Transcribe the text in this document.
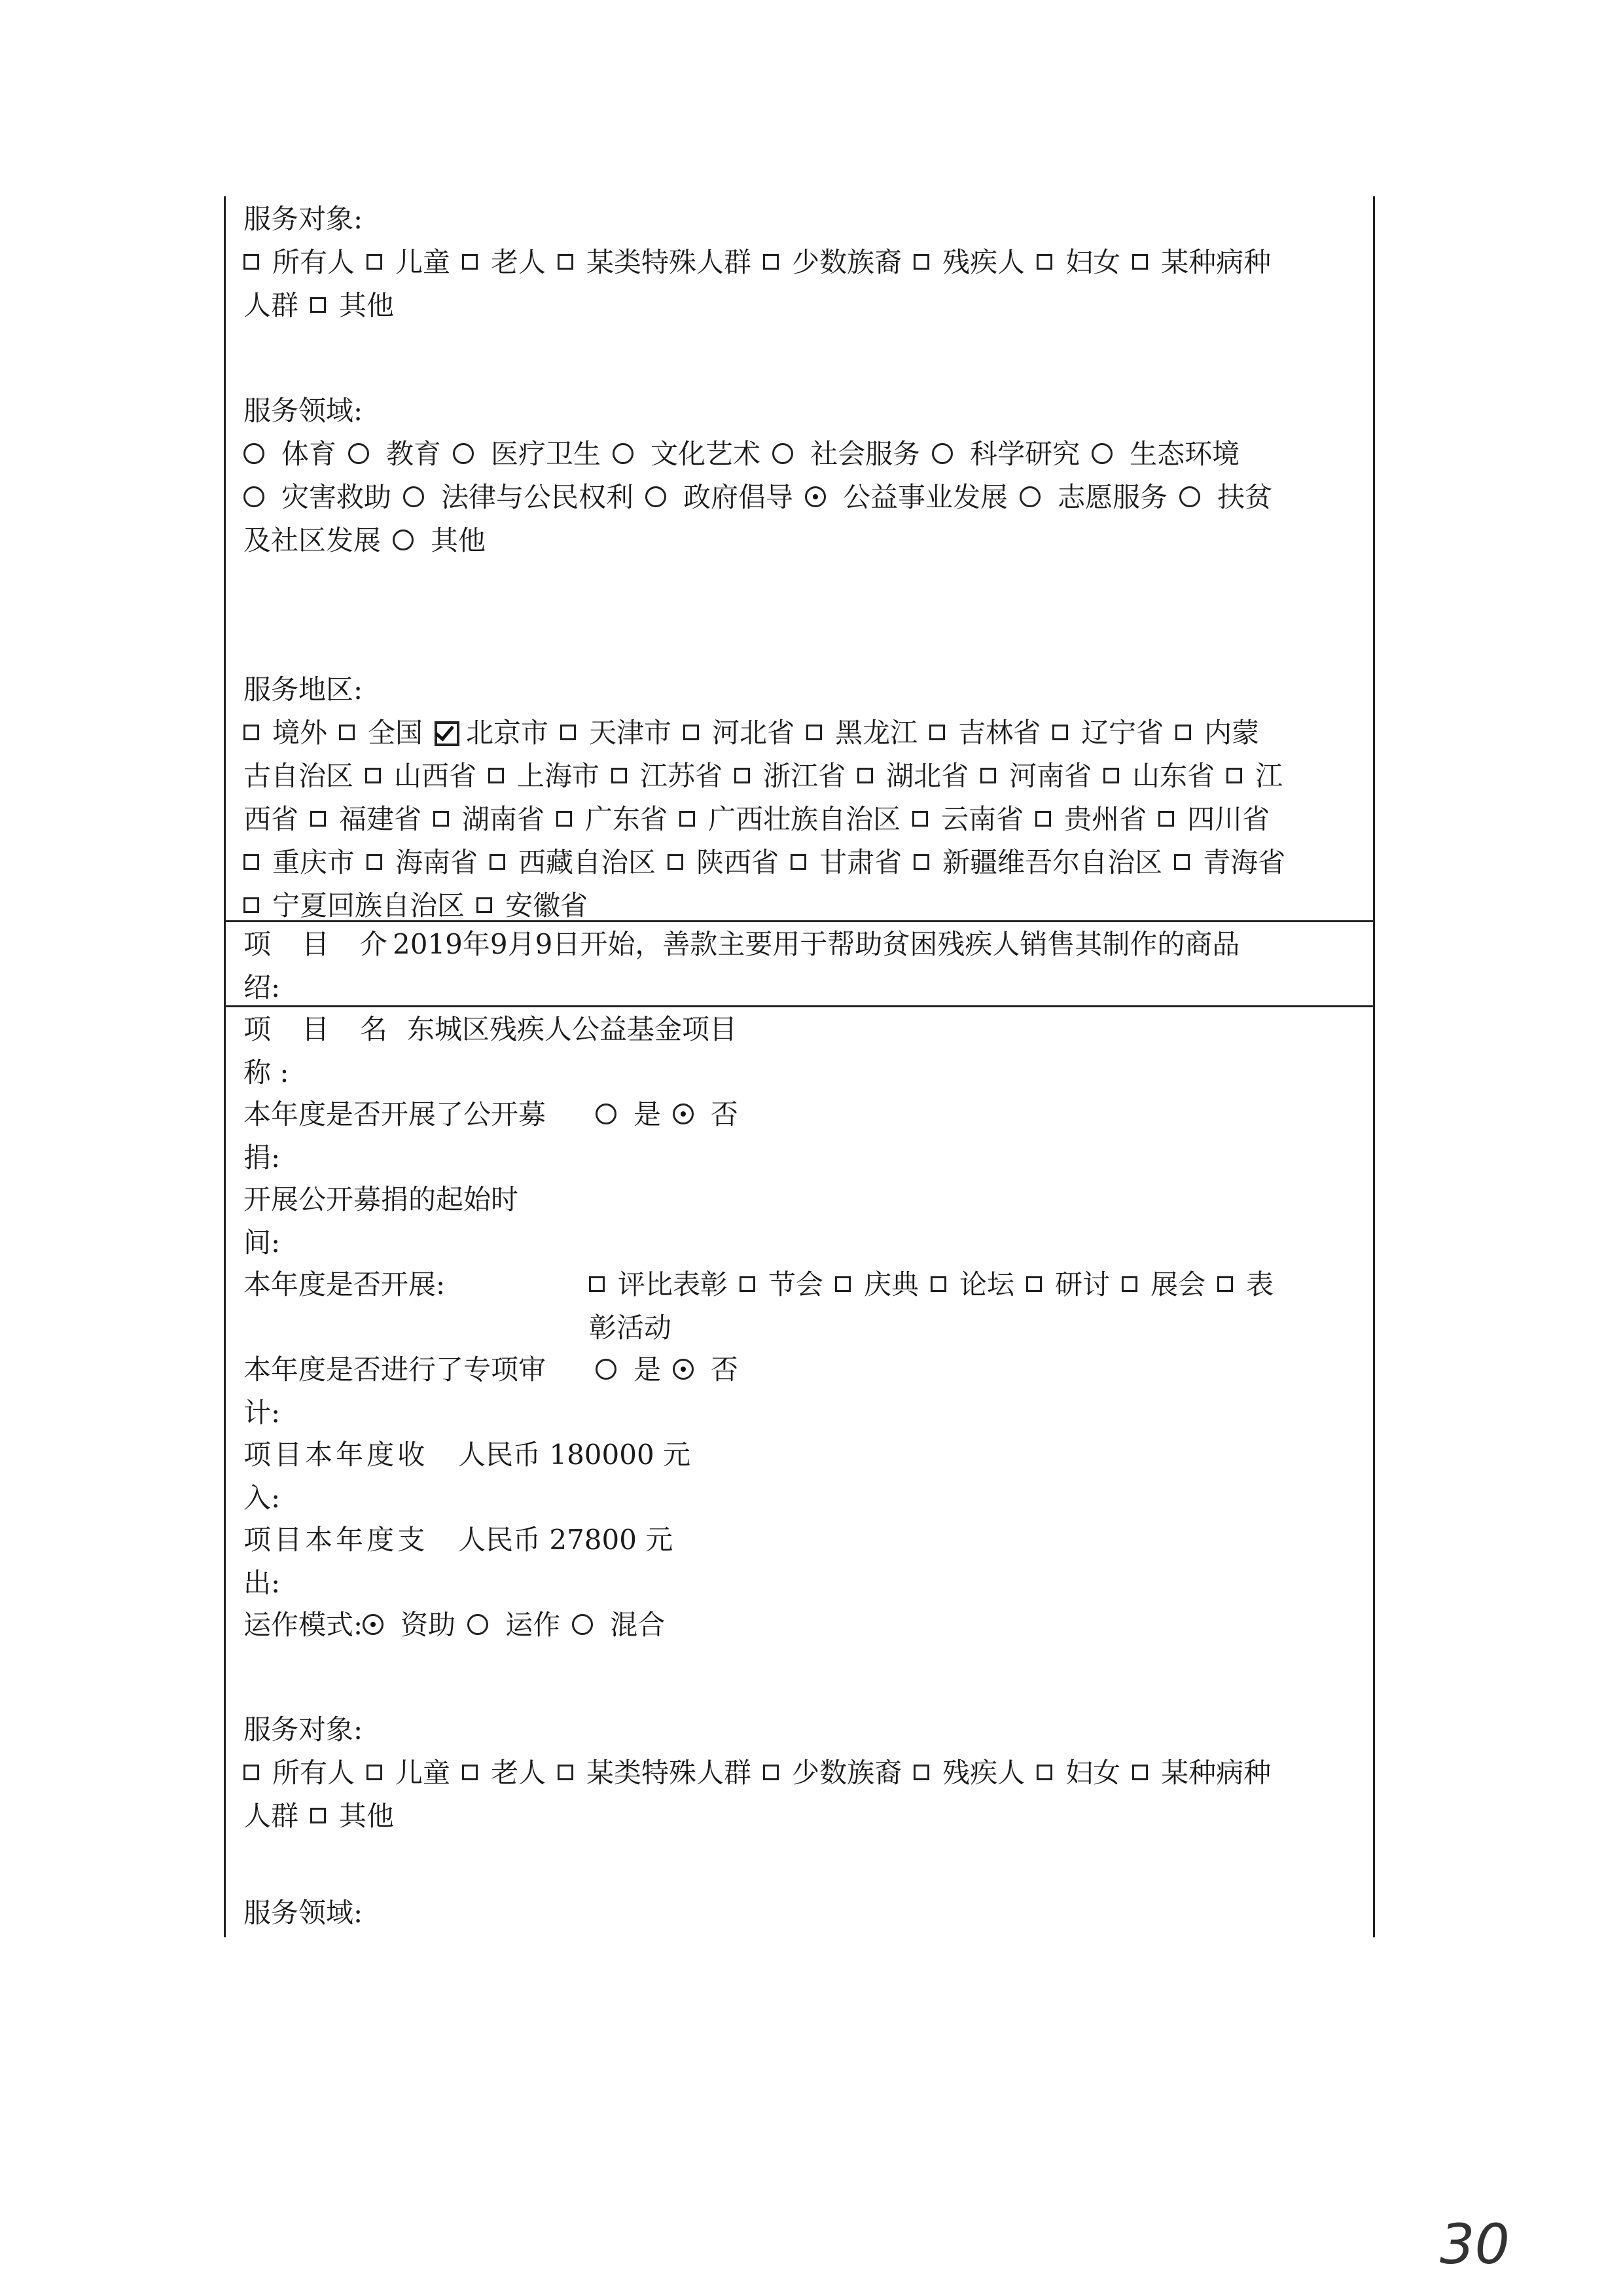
服务对象:
所有人 儿童 老人 某类特殊人群 少数族裔 残疾人 妇女 某种病种
人群 其他
服务领域:
体育 教育 医疗卫生 文化艺术 社会服务 科学研究 生态环境
灾害救助 法律与公民权利 政府倡导 公益事业发展 志愿服务 扶贫
及社区发展 其他
服务地区:
境外 全国 北京市 天津市 河北省 黑龙江 吉林省 辽宁省 内蒙
古自治区 山西省 上海市 江苏省 浙江省 湖北省 河南省 山东省 江
西省 福建省 湖南省 广东省 广西壮族自治区 云南省 贵州省 四川省
重庆市 海南省 西藏自治区 陕西省 甘肃省 新疆维吾尔自治区 青海省
宁夏回族自治区 安徽省
项 目 介
绍:
2019年9月9日开始，善款主要用于帮助贫困残疾人销售其制作的商品
项 目 名
称 :
东城区残疾人公益基金项目
本年度是否开展了公开募
捐:
是 否
开展公开募捐的起始时
间:
本年度是否开展:	评比表彰 节会 庆典 论坛 研讨 展会 表
彰活动
本年度是否进行了专项审
计:
是 否
项目本年度收
入:
人民币 180000 元
项目本年度支
出:
人民币 27800 元
运作模式: 资助 运作 混合
服务对象:
所有人 儿童 老人 某类特殊人群 少数族裔 残疾人 妇女 某种病种
人群 其他
服务领域:
30
